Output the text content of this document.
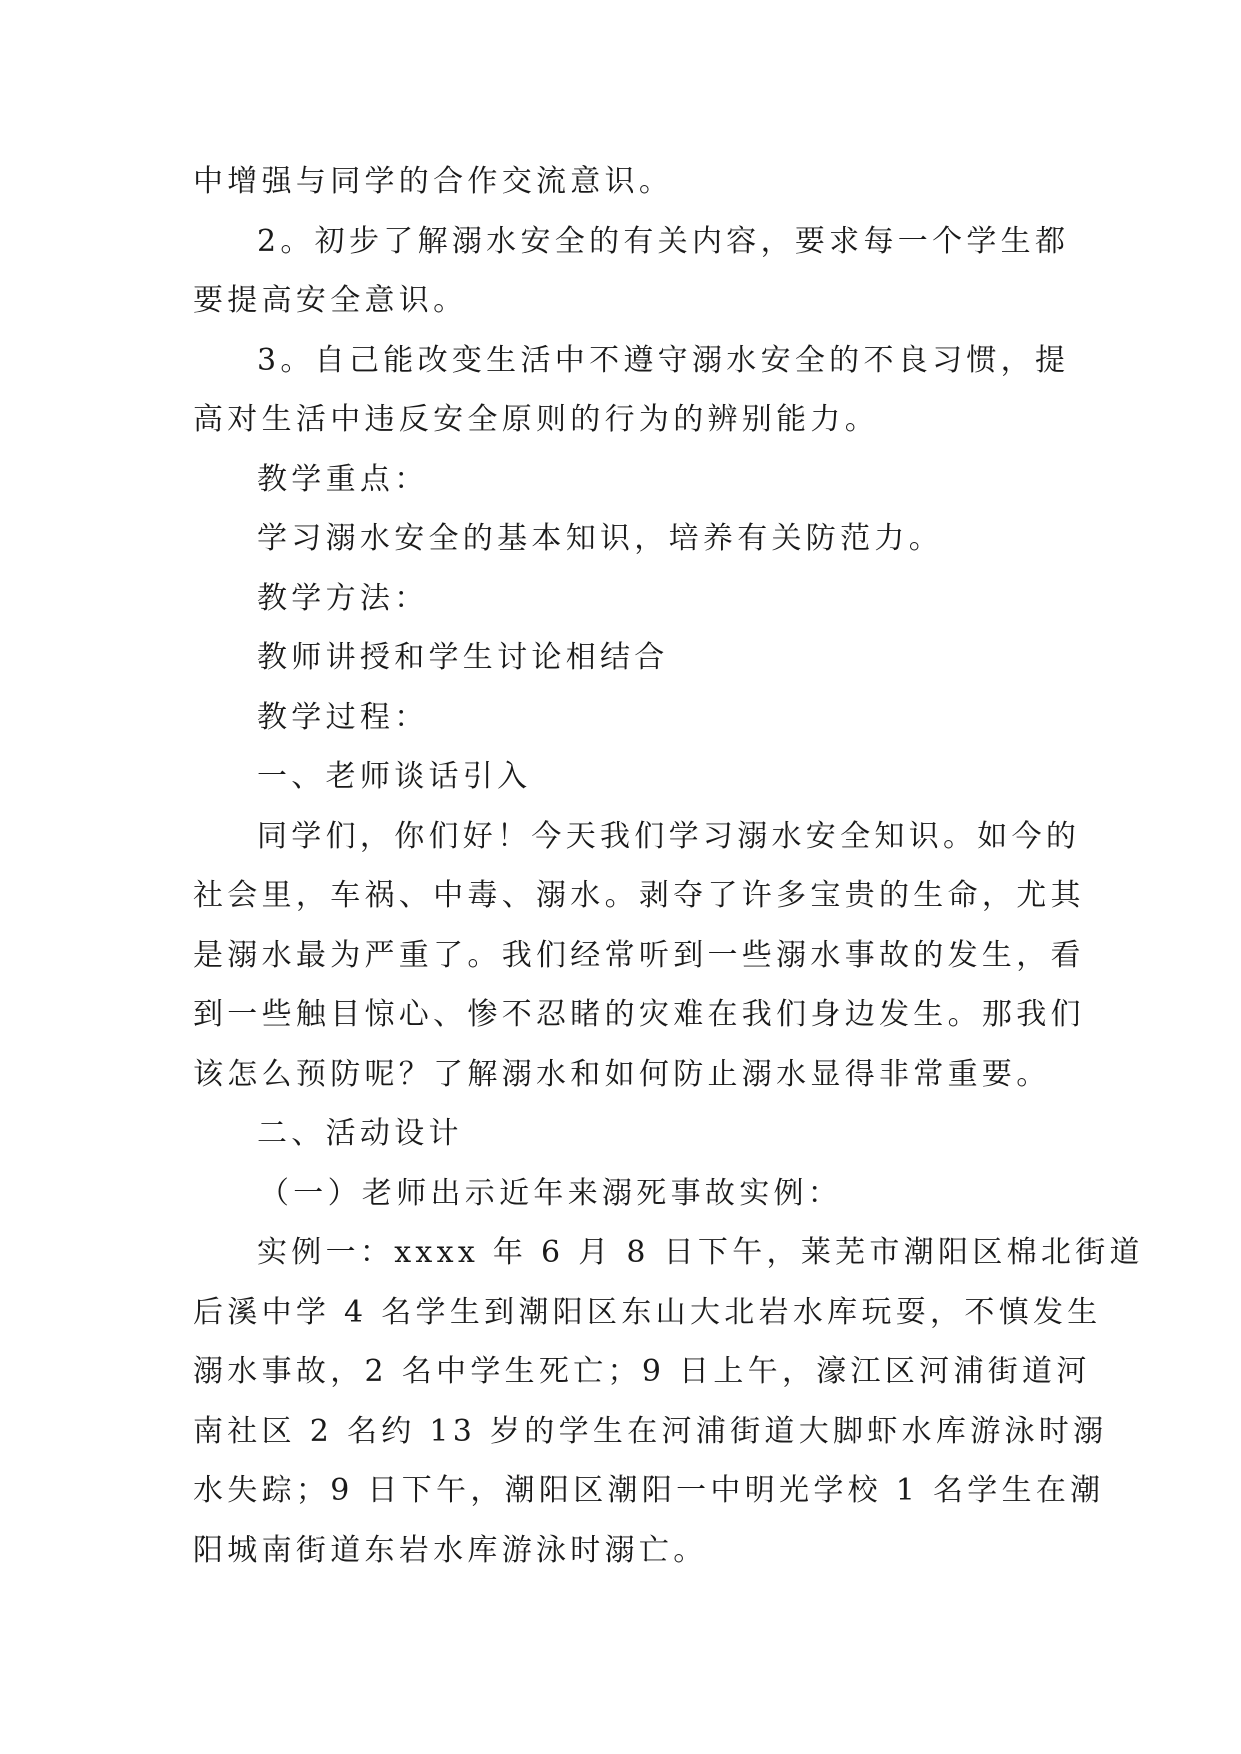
中增强与同学的合作交流意识。
2。初步了解溺水安全的有关内容，要求每一个学生都
要提高安全意识。
3。自己能改变生活中不遵守溺水安全的不良习惯，提
高对生活中违反安全原则的行为的辨别能力。
教学重点：
学习溺水安全的基本知识，培养有关防范力。
教学方法：
教师讲授和学生讨论相结合
教学过程：
一、老师谈话引入
同学们，你们好！今天我们学习溺水安全知识。如今的
社会里，车祸、中毒、溺水。剥夺了许多宝贵的生命，尤其
是溺水最为严重了。我们经常听到一些溺水事故的发生，看
到一些触目惊心、惨不忍睹的灾难在我们身边发生。那我们
该怎么预防呢？了解溺水和如何防止溺水显得非常重要。
二、活动设计
（一）老师出示近年来溺死事故实例：
实例一：xxxx 年 6 月 8 日下午，莱芜市潮阳区棉北街道
后溪中学 4 名学生到潮阳区东山大北岩水库玩耍，不慎发生
溺水事故，2 名中学生死亡；9 日上午，濠江区河浦街道河
南社区 2 名约 13 岁的学生在河浦街道大脚虾水库游泳时溺
水失踪；9 日下午，潮阳区潮阳一中明光学校 1 名学生在潮
阳城南街道东岩水库游泳时溺亡。
